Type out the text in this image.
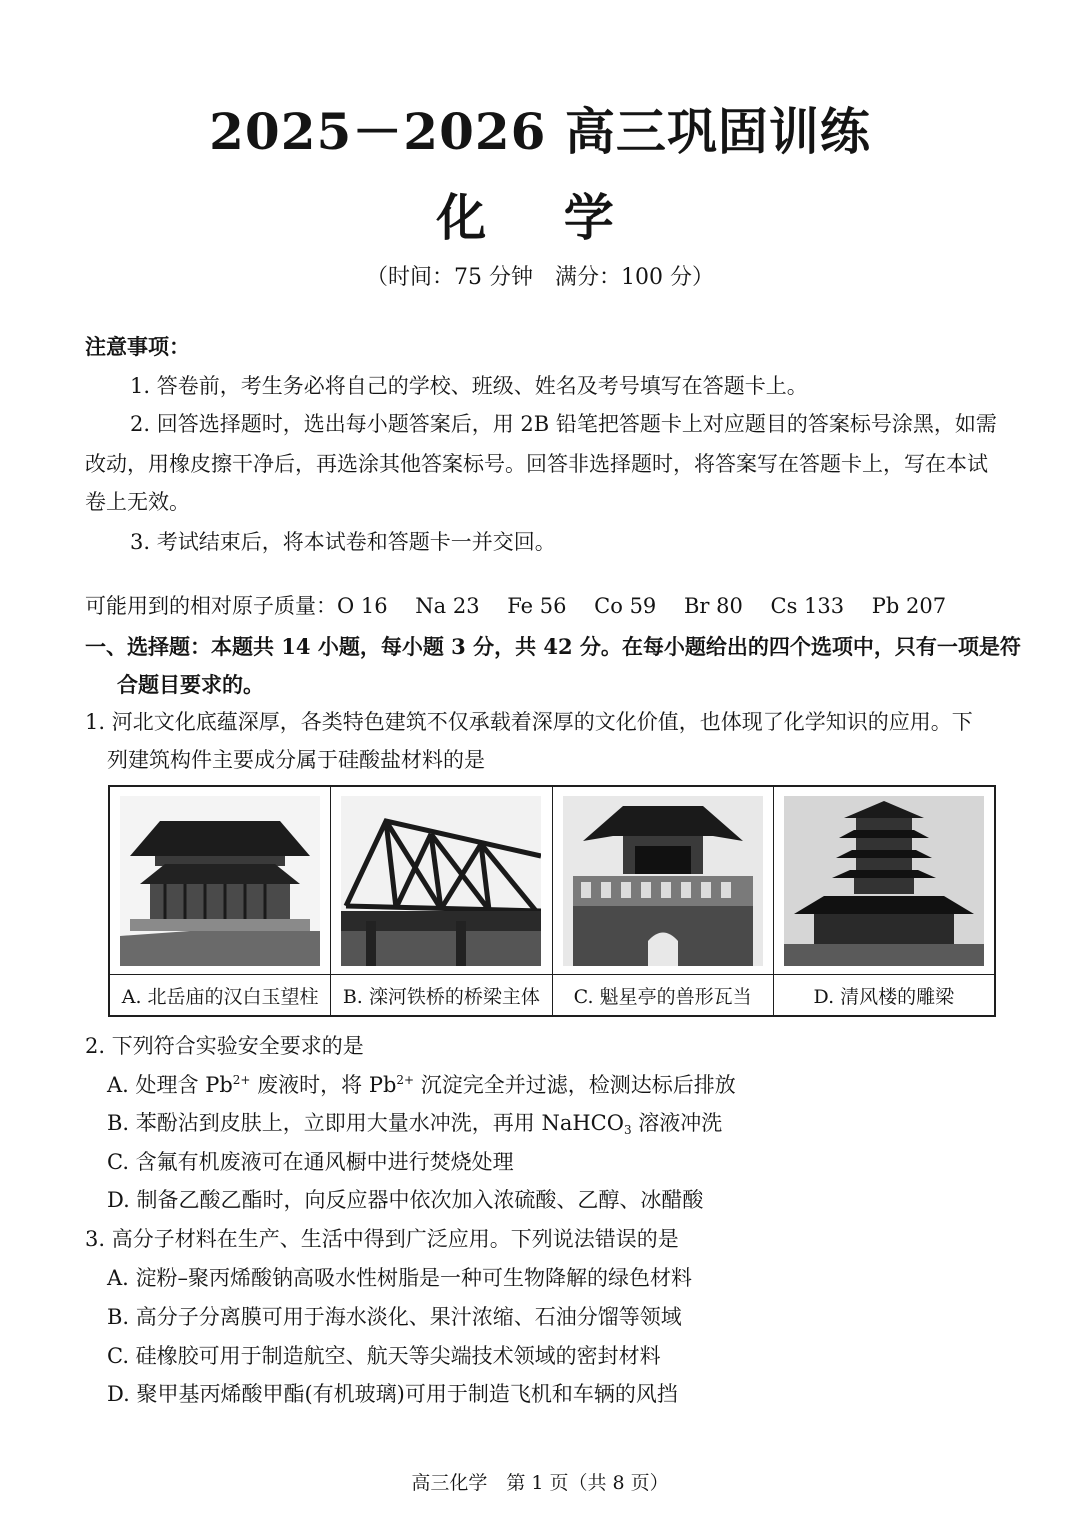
2025－2026 高三巩固训练
化 学
（时间：75 分钟　满分：100 分）
注意事项：
1. 答卷前，考生务必将自己的学校、班级、姓名及考号填写在答题卡上。
2. 回答选择题时，选出每小题答案后，用 2B 铅笔把答题卡上对应题目的答案标号涂黑，如需
改动，用橡皮擦干净后，再选涂其他答案标号。回答非选择题时，将答案写在答题卡上，写在本试
卷上无效。
3. 考试结束后，将本试卷和答题卡一并交回。
可能用到的相对原子质量：O 16　 Na 23　 Fe 56　 Co 59　 Br 80　 Cs 133　 Pb 207
一、选择题：本题共 14 小题，每小题 3 分，共 42 分。在每小题给出的四个选项中，只有一项是符
合题目要求的。
1. 河北文化底蕴深厚，各类特色建筑不仅承载着深厚的文化价值，也体现了化学知识的应用。下
列建筑构件主要成分属于硅酸盐材料的是
A. 北岳庙的汉白玉望柱	B. 滦河铁桥的桥梁主体	C. 魁星亭的兽形瓦当	D. 清风楼的雕梁
2. 下列符合实验安全要求的是
A. 处理含 $Pb^{2+}$ 废液时，将 $Pb^{2+}$ 沉淀完全并过滤，检测达标后排放
B. 苯酚沾到皮肤上，立即用大量水冲洗，再用 NaHCO$_3$ 溶液冲洗
C. 含氟有机废液可在通风橱中进行焚烧处理
D. 制备乙酸乙酯时，向反应器中依次加入浓硫酸、乙醇、冰醋酸
3. 高分子材料在生产、生活中得到广泛应用。下列说法错误的是
A. 淀粉–聚丙烯酸钠高吸水性树脂是一种可生物降解的绿色材料
B. 高分子分离膜可用于海水淡化、果汁浓缩、石油分馏等领域
C. 硅橡胶可用于制造航空、航天等尖端技术领域的密封材料
D. 聚甲基丙烯酸甲酯(有机玻璃)可用于制造飞机和车辆的风挡
高三化学　第 1 页（共 8 页）
